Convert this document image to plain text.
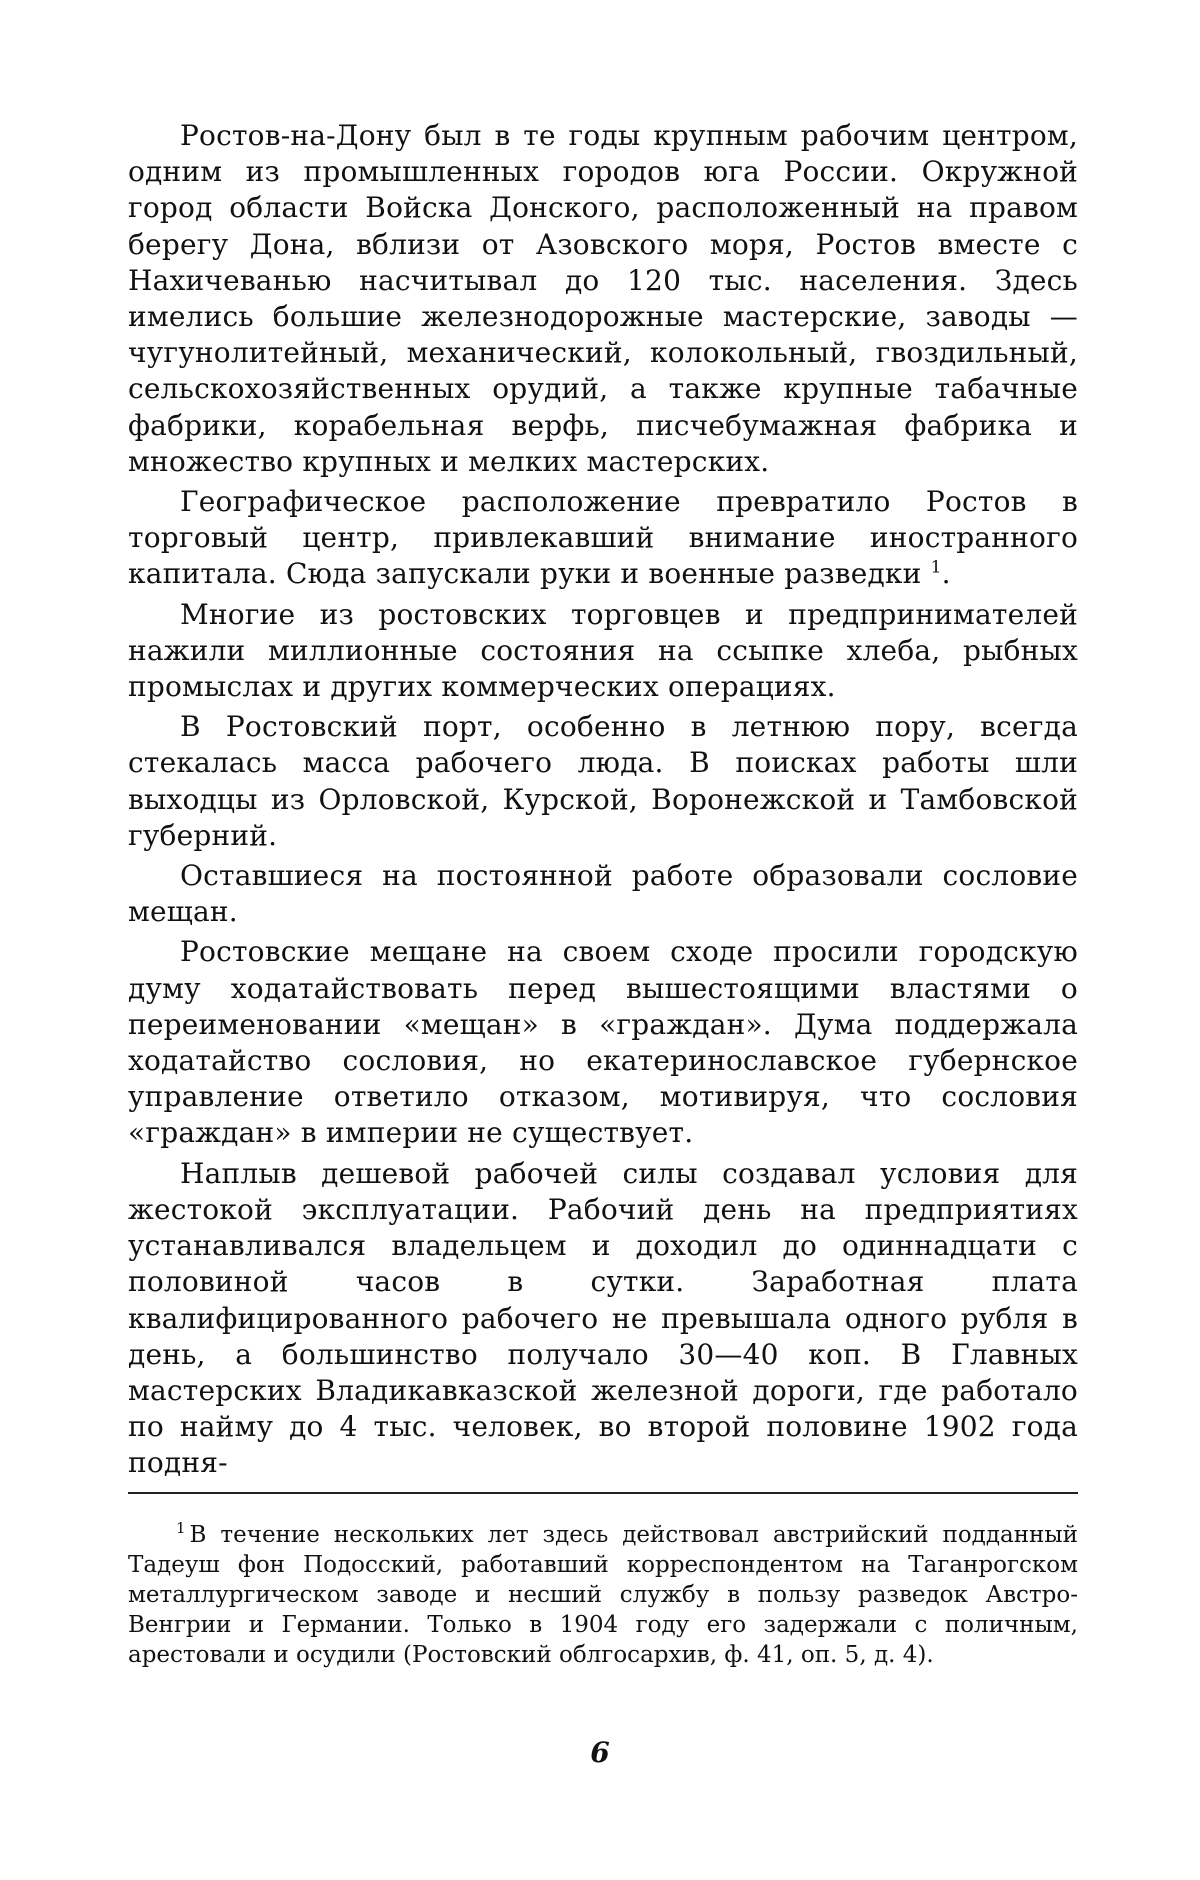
Ростов-на-Дону был в те годы крупным рабочим центром, одним из промышленных городов юга России. Окружной город области Войска Донского, расположенный на правом берегу Дона, вблизи от Азовского моря, Ростов вместе с Нахичеванью насчитывал до 120 тыс. населения. Здесь имелись большие железнодорожные мастерские, заводы — чугунолитейный, механический, колокольный, гвоздильный, сельскохозяйственных орудий, а также крупные табачные фабрики, корабельная верфь, писчебумажная фабрика и множество крупных и мелких мастерских.

Географическое расположение превратило Ростов в торговый центр, привлекавший внимание иностранного капитала. Сюда запускали руки и военные разведки $^1$.

Многие из ростовских торговцев и предпринимателей нажили миллионные состояния на ссыпке хлеба, рыбных промыслах и других коммерческих операциях.

В Ростовский порт, особенно в летнюю пору, всегда стекалась масса рабочего люда. В поисках работы шли выходцы из Орловской, Курской, Воронежской и Тамбовской губерний.

Оставшиеся на постоянной работе образовали сословие мещан.

Ростовские мещане на своем сходе просили городскую думу ходатайствовать перед вышестоящими властями о переименовании «мещан» в «граждан». Дума поддержала ходатайство сословия, но екатеринославское губернское управление ответило отказом, мотивируя, что сословия «граждан» в империи не существует.

Наплыв дешевой рабочей силы создавал условия для жестокой эксплуатации. Рабочий день на предприятиях устанавливался владельцем и доходил до одиннадцати с половиной часов в сутки. Заработная плата квалифицированного рабочего не превышала одного рубля в день, а большинство получало 30—40 коп. В Главных мастерских Владикавказской железной дороги, где работало по найму до 4 тыс. человек, во второй половине 1902 года подня-

$^1$ В течение нескольких лет здесь действовал австрийский подданный Тадеуш фон Подосский, работавший корреспондентом на Таганрогском металлургическом заводе и несший службу в пользу разведок Австро-Венгрии и Германии. Только в 1904 году его задержали с поличным, арестовали и осудили (Ростовский облгосархив, ф. 41, оп. 5, д. 4).
6
